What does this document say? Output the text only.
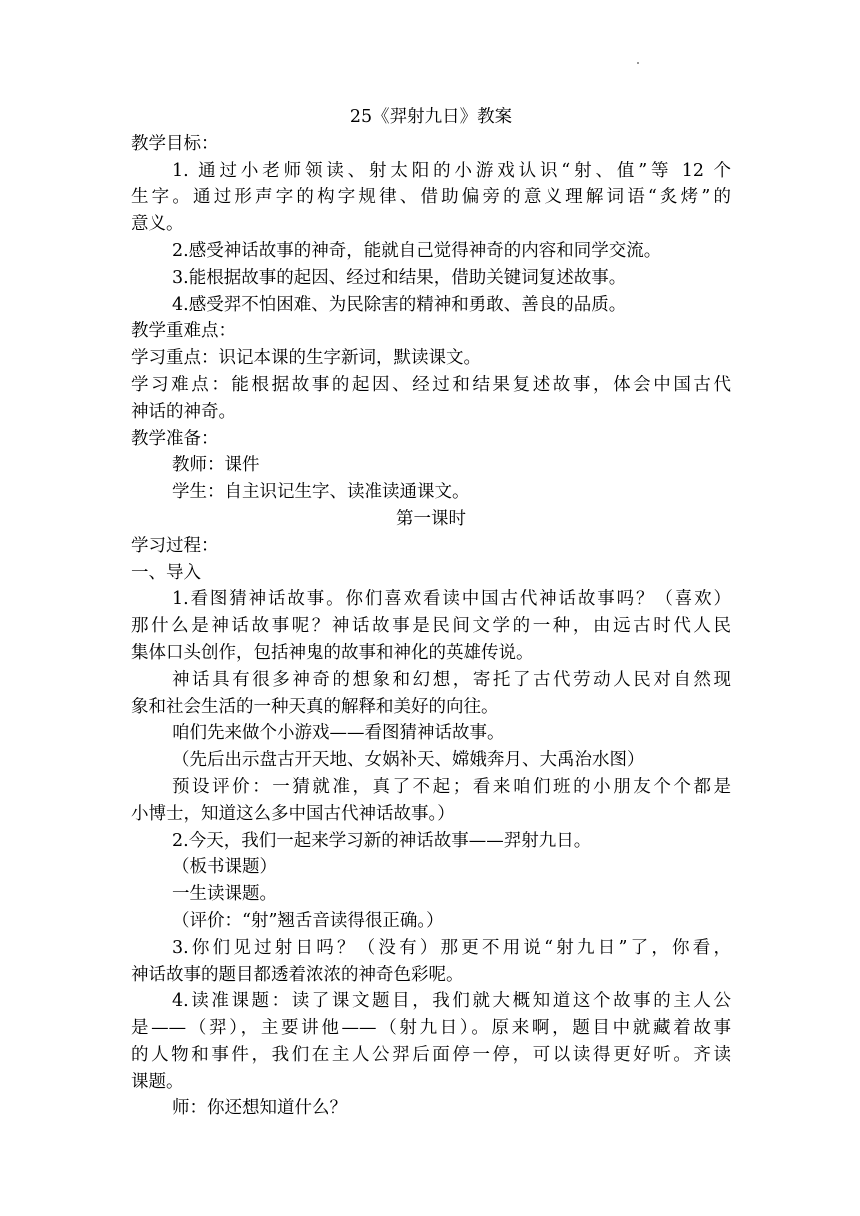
25《羿射九日》教案
教学目标：
1. 通过小老师领读、射太阳的小游戏认识“射、值”等 12 个
生字。通过形声字的构字规律、借助偏旁的意义理解词语“炙烤”的
意义。
2.感受神话故事的神奇，能就自己觉得神奇的内容和同学交流。
3.能根据故事的起因、经过和结果，借助关键词复述故事。
4.感受羿不怕困难、为民除害的精神和勇敢、善良的品质。
教学重难点：
学习重点：识记本课的生字新词，默读课文。
学习难点：能根据故事的起因、经过和结果复述故事，体会中国古代
神话的神奇。
教学准备：
教师：课件
学生：自主识记生字、读准读通课文。
第一课时
学习过程：
一、导入
1.看图猜神话故事。你们喜欢看读中国古代神话故事吗？（喜欢）
那什么是神话故事呢？神话故事是民间文学的一种，由远古时代人民
集体口头创作，包括神鬼的故事和神化的英雄传说。
神话具有很多神奇的想象和幻想，寄托了古代劳动人民对自然现
象和社会生活的一种天真的解释和美好的向往。
咱们先来做个小游戏——看图猜神话故事。
（先后出示盘古开天地、女娲补天、嫦娥奔月、大禹治水图）
预设评价：一猜就准，真了不起；看来咱们班的小朋友个个都是
小博士，知道这么多中国古代神话故事。）
2.今天，我们一起来学习新的神话故事——羿射九日。
（板书课题）
一生读课题。
（评价：“射”翘舌音读得很正确。）
3.你们见过射日吗？（没有）那更不用说“射九日”了，你看，
神话故事的题目都透着浓浓的神奇色彩呢。
4.读准课题：读了课文题目，我们就大概知道这个故事的主人公
是——（羿），主要讲他——（射九日）。原来啊，题目中就藏着故事
的人物和事件，我们在主人公羿后面停一停，可以读得更好听。齐读
课题。
师：你还想知道什么？
